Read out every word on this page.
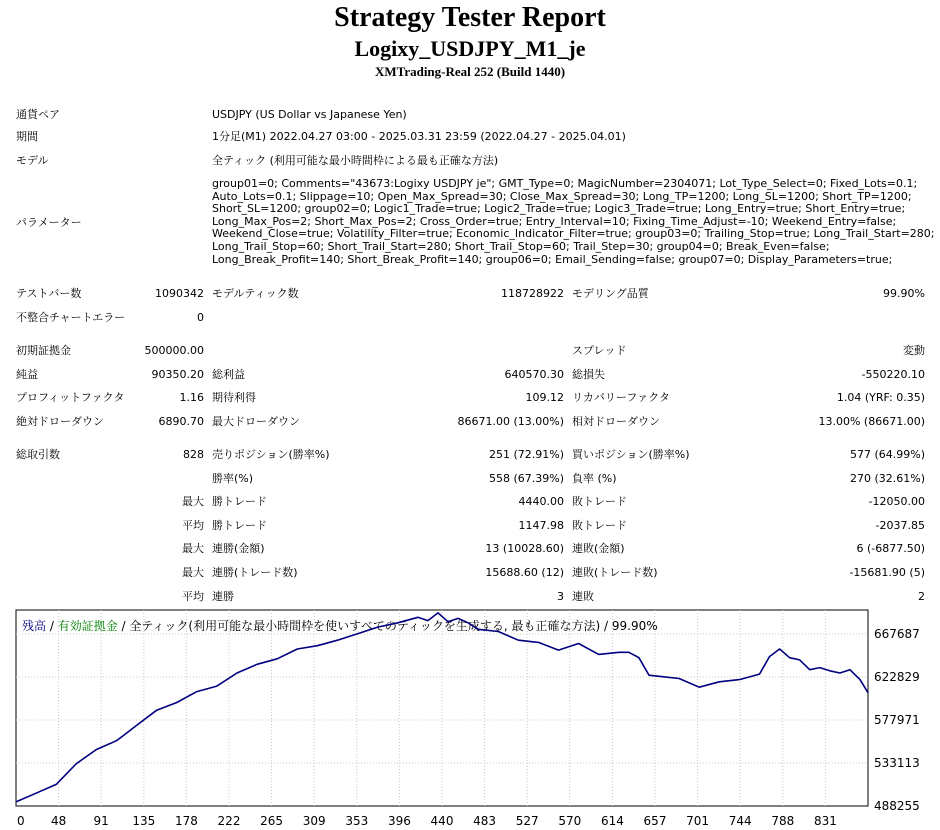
Strategy Tester Report
Logixy_USDJPY_M1_je
XMTrading-Real 252 (Build 1440)
通貨ペア	USDJPY (US Dollar vs Japanese Yen)
期間	1分足(M1) 2022.04.27 03:00 - 2025.03.31 23:59 (2022.04.27 - 2025.04.01)
モデル	全ティック (利用可能な最小時間枠による最も正確な方法)
パラメーター
group01=0; Comments="43673:Logixy USDJPY je"; GMT_Type=0; MagicNumber=2304071; Lot_Type_Select=0; Fixed_Lots=0.1;
Auto_Lots=0.1; Slippage=10; Open_Max_Spread=30; Close_Max_Spread=30; Long_TP=1200; Long_SL=1200; Short_TP=1200;
Short_SL=1200; group02=0; Logic1_Trade=true; Logic2_Trade=true; Logic3_Trade=true; Long_Entry=true; Short_Entry=true;
Long_Max_Pos=2; Short_Max_Pos=2; Cross_Order=true; Entry_Interval=10; Fixing_Time_Adjust=-10; Weekend_Entry=false;
Weekend_Close=true; Volatility_Filter=true; Economic_Indicator_Filter=true; group03=0; Trailing_Stop=true; Long_Trail_Start=280;
Long_Trail_Stop=60; Short_Trail_Start=280; Short_Trail_Stop=60; Trail_Step=30; group04=0; Break_Even=false;
Long_Break_Profit=140; Short_Break_Profit=140; group06=0; Email_Sending=false; group07=0; Display_Parameters=true;
テストバー数	1090342 モデルティック数	118728922 モデリング品質	99.90%
不整合チャートエラー	0
初期証拠金	500000.00	スプレッド	変動
純益	90350.20 総利益	640570.30 総損失	-550220.10
プロフィットファクタ	1.16 期待利得	109.12 リカバリーファクタ	1.04 (YRF: 0.35)
絶対ドローダウン	6890.70 最大ドローダウン	86671.00 (13.00%) 相対ドローダウン	13.00% (86671.00)
総取引数	828 売りポジション(勝率%)	251 (72.91%) 買いポジション(勝率%)	577 (64.99%)
勝率(%)	558 (67.39%) 負率 (%)	270 (32.61%)
最大 勝トレード	4440.00 敗トレード	-12050.00
平均 勝トレード	1147.98 敗トレード	-2037.85
最大 連勝(金額)	13 (10028.60) 連敗(金額)	6 (-6877.50)
最大 連勝(トレード数)	15688.60 (12) 連敗(トレード数)	-15681.90 (5)
平均 連勝	3 連敗	2
残高 / 有効証拠金 / 全ティック(利用可能な最小時間枠を使いすべてのティックを生成する, 最も正確な方法) / 99.90%
0 48 91 135 178 222 265 309 353 396 440 483 527 570 614 657 701 744 788 831
667687
622829
577971
533113
488255
